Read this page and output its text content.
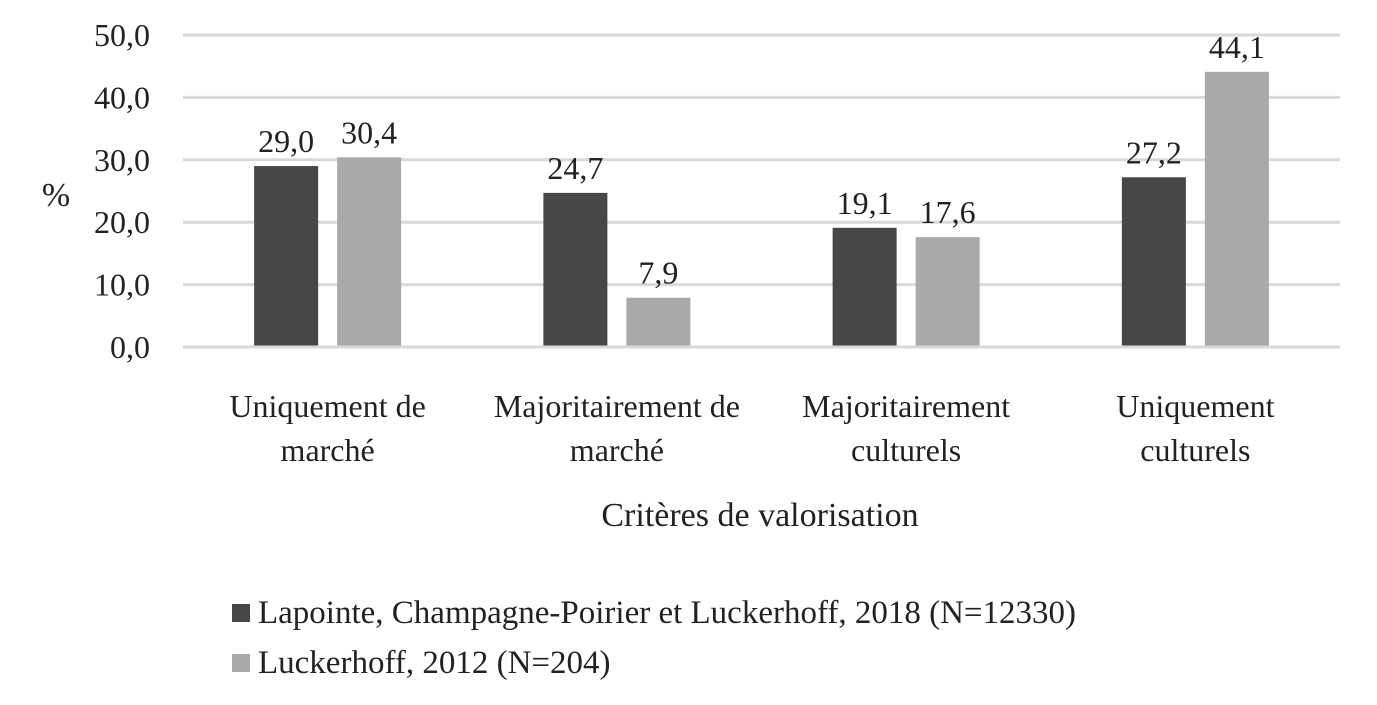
0,0
10,0
20,0
30,0
40,0
50,0
29,0 30,4
24,7
7,9
19,1 17,6
27,2
44,1
Uniquement de
marché
Majoritairement de
marché
Majoritairement
culturels
Uniquement
culturels
%
Critères de valorisation
Lapointe, Champagne-Poirier et Luckerhoff, 2018 (N=12330)
Luckerhoff, 2012 (N=204)
